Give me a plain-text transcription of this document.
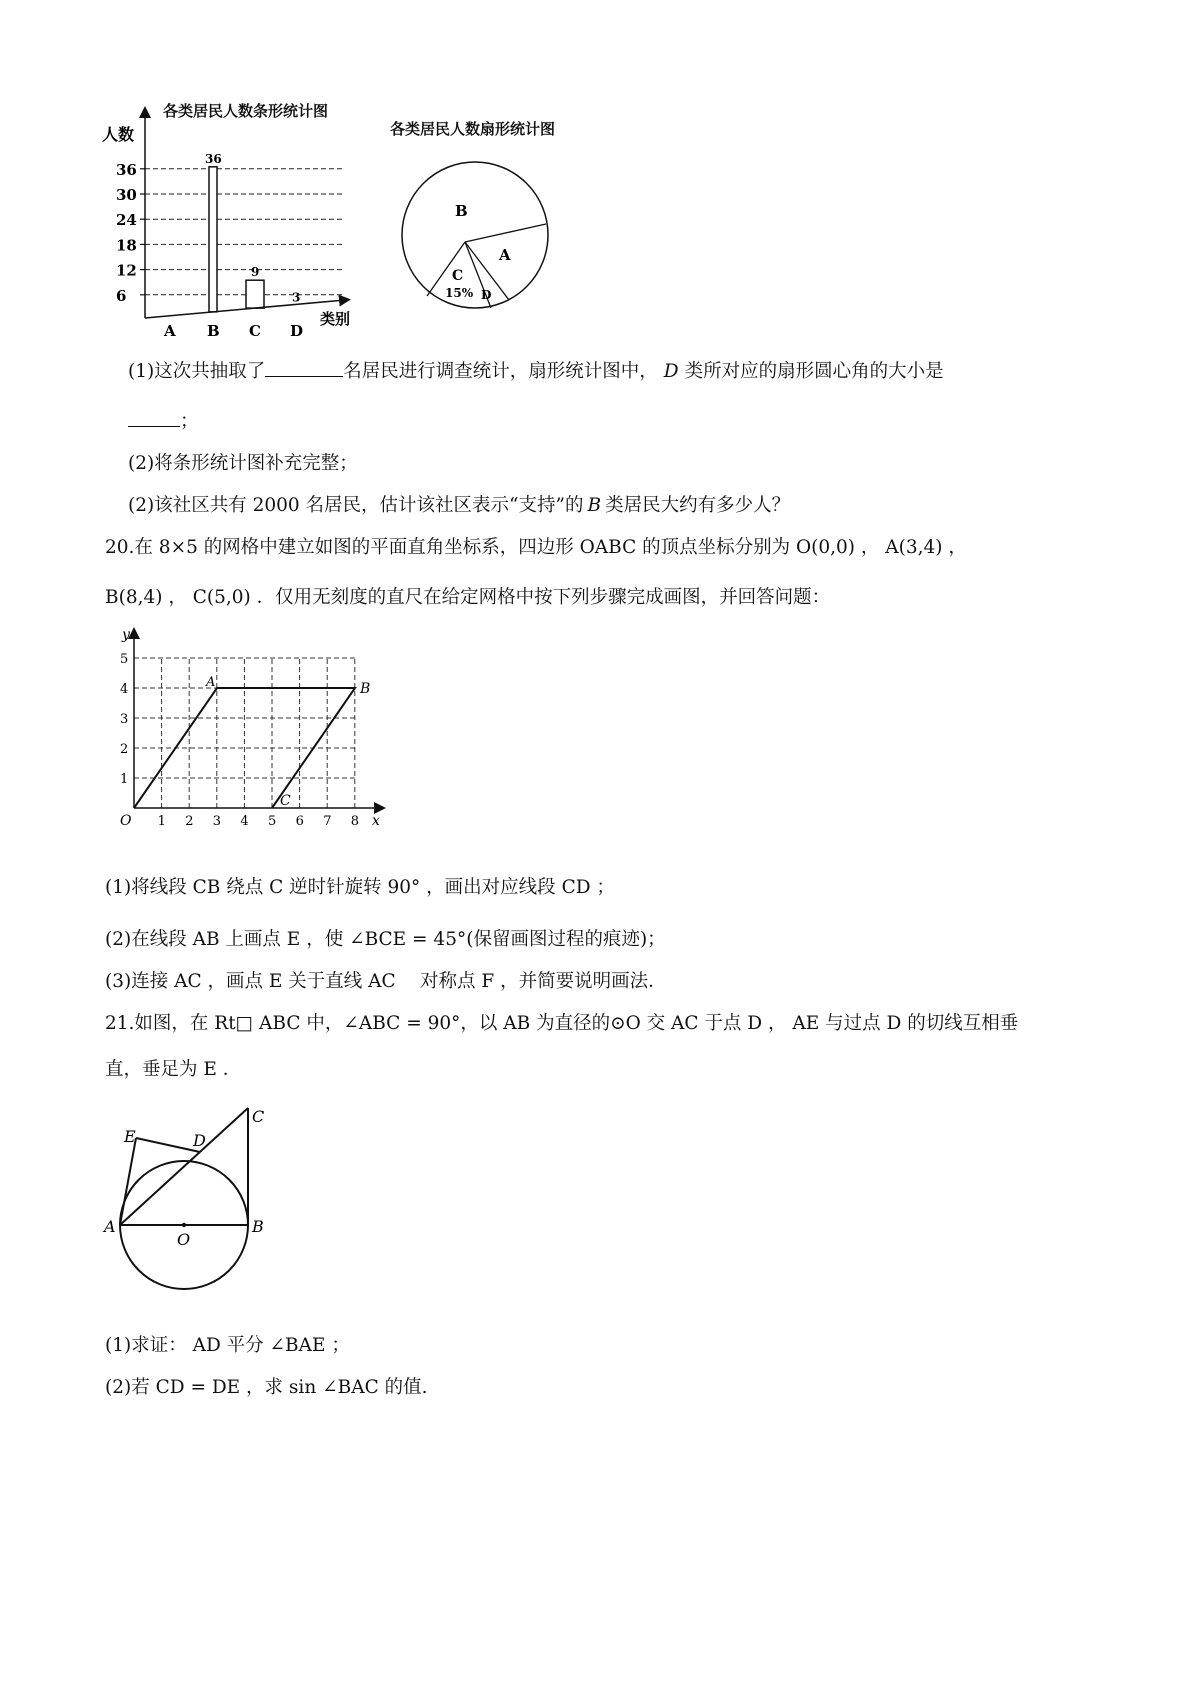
各类居民人数条形统计图
6
12
18
24
30
36
A
36
B
9
C
3
D
人数
类别
各类居民人数扇形统计图
B
A
C
15% D
(1)这次共抽取了	名居民进行调查统计，扇形统计图中， D 类所对应的扇形圆心角的大小是
；
(2)将条形统计图补充完整；
(2)该社区共有 2000 名居民，估计该社区表示“支持”的 B 类居民大约有多少人？
20.在 8×5 的网格中建立如图的平面直角坐标系，四边形 OABC 的顶点坐标分别为 O(0,0) ， A(3,4) ，
B(8,4) ， C(5,0) ．仅用无刻度的直尺在给定网格中按下列步骤完成画图，并回答问题：
1 2 3 4 5 6 7 8
1
2
3
4
5
O	x
y
A	B
C
(1)将线段 CB 绕点 C 逆时针旋转 90° ，画出对应线段 CD ；
(2)在线段 AB 上画点 E ，使 ∠BCE = 45°(保留画图过程的痕迹)；
(3)连接 AC ，画点 E 关于直线 AC　 对称点 F ，并简要说明画法．
21.如图，在 Rt□ ABC 中，∠ABC = 90°，以 AB 为直径的⊙O 交 AC 于点 D ， AE 与过点 D 的切线互相垂
直，垂足为 E ．
E	D
C
A
O
B
(1)求证： AD 平分 ∠BAE ；
(2)若 CD = DE ，求 sin ∠BAC 的值.
